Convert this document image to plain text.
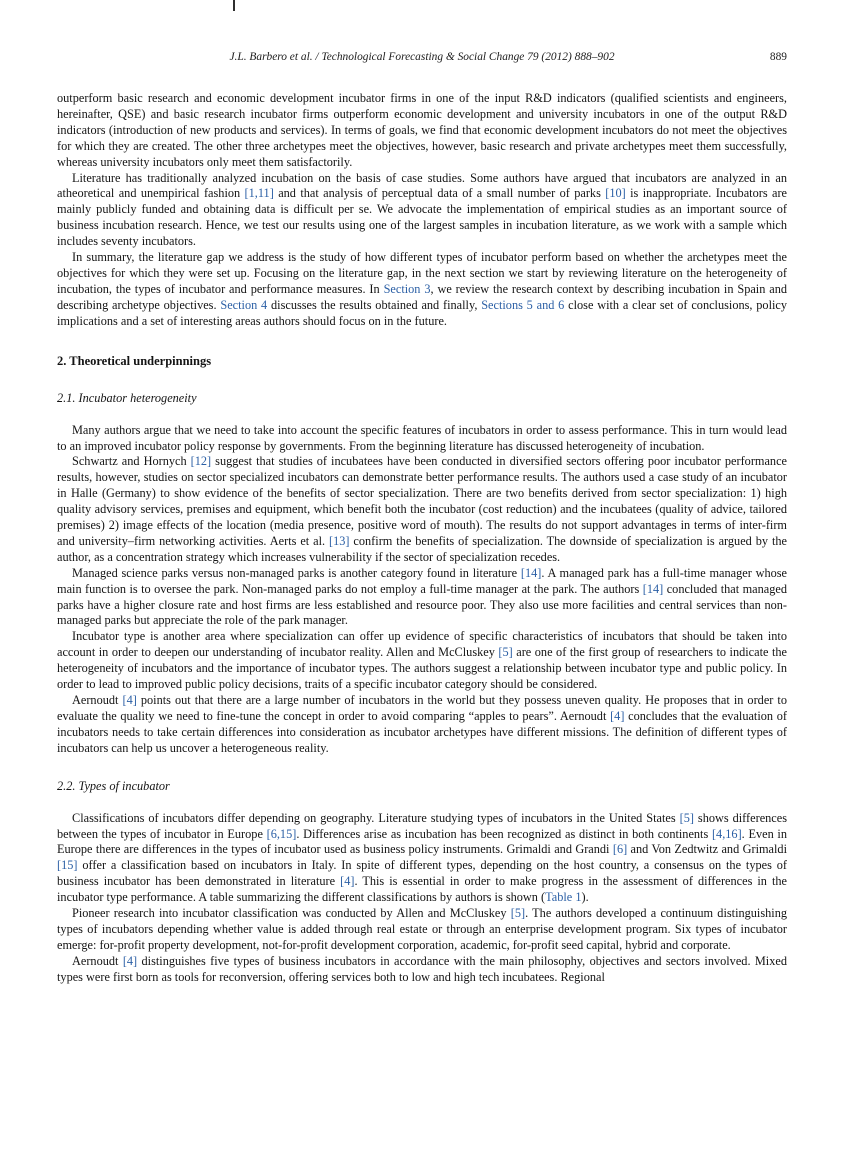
J.L. Barbero et al. / Technological Forecasting & Social Change 79 (2012) 888–902	889

outperform basic research and economic development incubator firms in one of the input R&D indicators (qualified scientists and engineers, hereinafter, QSE) and basic research incubator firms outperform economic development and university incubators in one of the output R&D indicators (introduction of new products and services). In terms of goals, we find that economic development incubators do not meet the objectives for which they are created. The other three archetypes meet the objectives, however, basic research and private archetypes meet them successfully, whereas university incubators only meet them satisfactorily.

Literature has traditionally analyzed incubation on the basis of case studies. Some authors have argued that incubators are analyzed in an atheoretical and unempirical fashion [1,11] and that analysis of perceptual data of a small number of parks [10] is inappropriate. Incubators are mainly publicly funded and obtaining data is difficult per se. We advocate the implementation of empirical studies as an important source of business incubation research. Hence, we test our results using one of the largest samples in incubation literature, as we work with a sample which includes seventy incubators.

In summary, the literature gap we address is the study of how different types of incubator perform based on whether the archetypes meet the objectives for which they were set up. Focusing on the literature gap, in the next section we start by reviewing literature on the heterogeneity of incubation, the types of incubator and performance measures. In Section 3, we review the research context by describing incubation in Spain and describing archetype objectives. Section 4 discusses the results obtained and finally, Sections 5 and 6 close with a clear set of conclusions, policy implications and a set of interesting areas authors should focus on in the future.

2. Theoretical underpinnings
2.1. Incubator heterogeneity

Many authors argue that we need to take into account the specific features of incubators in order to assess performance. This in turn would lead to an improved incubator policy response by governments. From the beginning literature has discussed heterogeneity of incubation.

Schwartz and Hornych [12] suggest that studies of incubatees have been conducted in diversified sectors offering poor incubator performance results, however, studies on sector specialized incubators can demonstrate better performance results. The authors used a case study of an incubator in Halle (Germany) to show evidence of the benefits of sector specialization. There are two benefits derived from sector specialization: 1) high quality advisory services, premises and equipment, which benefit both the incubator (cost reduction) and the incubatees (quality of advice, tailored premises) 2) image effects of the location (media presence, positive word of mouth). The results do not support advantages in terms of inter-firm and university–firm networking activities. Aerts et al. [13] confirm the benefits of specialization. The downside of specialization is argued by the author, as a concentration strategy which increases vulnerability if the sector of specialization recedes.

Managed science parks versus non-managed parks is another category found in literature [14]. A managed park has a full-time manager whose main function is to oversee the park. Non-managed parks do not employ a full-time manager at the park. The authors [14] concluded that managed parks have a higher closure rate and host firms are less established and resource poor. They also use more facilities and central services than non-managed parks but appreciate the role of the park manager.

Incubator type is another area where specialization can offer up evidence of specific characteristics of incubators that should be taken into account in order to deepen our understanding of incubator reality. Allen and McCluskey [5] are one of the first group of researchers to indicate the heterogeneity of incubators and the importance of incubator types. The authors suggest a relationship between incubator type and public policy. In order to lead to improved public policy decisions, traits of a specific incubator category should be considered.

Aernoudt [4] points out that there are a large number of incubators in the world but they possess uneven quality. He proposes that in order to evaluate the quality we need to fine-tune the concept in order to avoid comparing “apples to pears”. Aernoudt [4] concludes that the evaluation of incubators needs to take certain differences into consideration as incubator archetypes have different missions. The definition of different types of incubators can help us uncover a heterogeneous reality.

2.2. Types of incubator

Classifications of incubators differ depending on geography. Literature studying types of incubators in the United States [5] shows differences between the types of incubator in Europe [6,15]. Differences arise as incubation has been recognized as distinct in both continents [4,16]. Even in Europe there are differences in the types of incubator used as business policy instruments. Grimaldi and Grandi [6] and Von Zedtwitz and Grimaldi [15] offer a classification based on incubators in Italy. In spite of different types, depending on the host country, a consensus on the types of business incubator has been demonstrated in literature [4]. This is essential in order to make progress in the assessment of differences in the incubator type performance. A table summarizing the different classifications by authors is shown (Table 1).

Pioneer research into incubator classification was conducted by Allen and McCluskey [5]. The authors developed a continuum distinguishing types of incubators depending whether value is added through real estate or through an enterprise development program. Six types of incubator emerge: for-profit property development, not-for-profit development corporation, academic, for-profit seed capital, hybrid and corporate.

Aernoudt [4] distinguishes five types of business incubators in accordance with the main philosophy, objectives and sectors involved. Mixed types were first born as tools for reconversion, offering services both to low and high tech incubatees. Regional
